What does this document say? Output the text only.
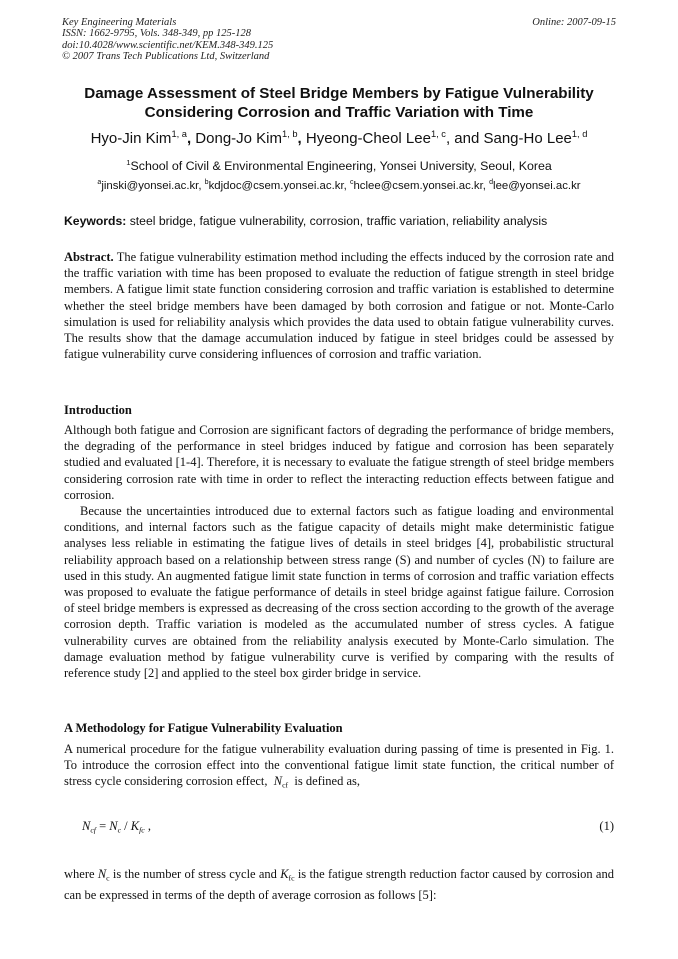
Key Engineering Materials
ISSN: 1662-9795, Vols. 348-349, pp 125-128
doi:10.4028/www.scientific.net/KEM.348-349.125
© 2007 Trans Tech Publications Ltd, Switzerland
Online: 2007-09-15
Damage Assessment of Steel Bridge Members by Fatigue Vulnerability
Considering Corrosion and Traffic Variation with Time
Hyo-Jin Kim$^{1, a}$, Dong-Jo Kim$^{1, b}$, Hyeong-Cheol Lee$^{1, c}$, and Sang-Ho Lee$^{1, d}$
$^1$School of Civil & Environmental Engineering, Yonsei University, Seoul, Korea
$^a$jinski@yonsei.ac.kr, $^b$kdjdoc@csem.yonsei.ac.kr, $^c$hclee@csem.yonsei.ac.kr, $^d$lee@yonsei.ac.kr
Keywords: steel bridge, fatigue vulnerability, corrosion, traffic variation, reliability analysis
Abstract. The fatigue vulnerability estimation method including the effects induced by the corrosion rate and the traffic variation with time has been proposed to evaluate the reduction of fatigue strength in steel bridge members. A fatigue limit state function considering corrosion and traffic variation is established to determine whether the steel bridge members have been damaged by both corrosion and fatigue or not. Monte-Carlo simulation is used for reliability analysis which provides the data used to obtain fatigue vulnerability curves. The results show that the damage accumulation induced by fatigue in steel bridges could be assessed by fatigue vulnerability curve considering influences of corrosion and traffic variation.
Introduction
Although both fatigue and Corrosion are significant factors of degrading the performance of bridge members, the degrading of the performance in steel bridges induced by fatigue and corrosion has been separately studied and evaluated [1-4]. Therefore, it is necessary to evaluate the fatigue strength of steel bridge members considering corrosion rate with time in order to reflect the interacting reduction effects between fatigue and corrosion.
Because the uncertainties introduced due to external factors such as fatigue loading and environmental conditions, and internal factors such as the fatigue capacity of details might make deterministic fatigue analyses less reliable in estimating the fatigue lives of details in steel bridges [4], probabilistic structural reliability approach based on a relationship between stress range (S) and number of cycles (N) to failure are used in this study. An augmented fatigue limit state function in terms of corrosion and traffic variation effects was proposed to evaluate the fatigue performance of details in steel bridge against fatigue failure. Corrosion of steel bridge members is expressed as decreasing of the cross section according to the growth of the average corrosion depth. Traffic variation is modeled as the accumulated number of stress cycles. A fatigue vulnerability curves are obtained from the reliability analysis executed by Monte-Carlo simulation. The damage evaluation method by fatigue vulnerability curve is verified by comparing with the results of reference study [2] and applied to the steel box girder bridge in service.
A Methodology for Fatigue Vulnerability Evaluation
A numerical procedure for the fatigue vulnerability evaluation during passing of time is presented in Fig. 1. To introduce the corrosion effect into the conventional fatigue limit state function, the critical number of stress cycle considering corrosion effect, $N_{cf}$  is defined as,
$N_{cf} = N_c / K_{fc}$ ,	(1)
where $N_c$ is the number of stress cycle and $K_{fc}$ is the fatigue strength reduction factor caused by corrosion and can be expressed in terms of the depth of average corrosion as follows [5]:
